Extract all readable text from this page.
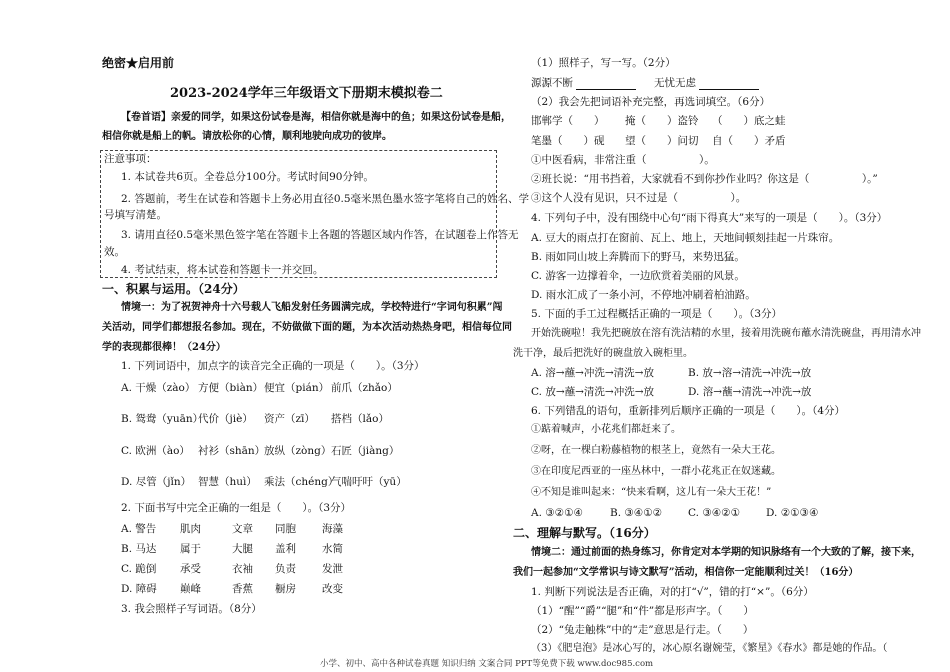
绝密★启用前
2023-2024学年三年级语文下册期末模拟卷二
【卷首语】亲爱的同学，如果这份试卷是海，相信你就是海中的鱼；如果这份试卷是船，
相信你就是船上的帆。请放松你的心情，顺利地驶向成功的彼岸。
注意事项：
1. 本试卷共6页。全卷总分100分。考试时间90分钟。
2. 答题前，考生在试卷和答题卡上务必用直径0.5毫米黑色墨水签字笔将自己的姓名、学
号填写清楚。
3. 请用直径0.5毫米黑色签字笔在答题卡上各题的答题区域内作答，在试题卷上作答无
效。
4. 考试结束，将本试卷和答题卡一并交回。
一、积累与运用。（24分）
情境一：为了祝贺神舟十六号载人飞船发射任务圆满完成，学校特进行“字词句积累”闯
关活动，同学们都想报名参加。现在，不妨做做下面的题，为本次活动热热身吧，相信每位同
学的表现都很棒！（24分）
1. 下列词语中，加点字的读音完全正确的一项是（　　）。（3分）
A. 干燥（zào） 方便（biàn） 便宜（pián） 前爪（zhǎo）
B. 鸳鸯（yuān）
代价（jiè） 资产（zī） 搭档（lǎo）
C. 欧洲（ào） 衬衫（shān）
放纵（zòng） 石匠（jiàng）
D. 尽管（jǐn） 智慧（huì） 乘法（chéng）
气喘吁吁（yū）
2. 下面书写中完全正确的一组是（　　）。（3分）
A. 警告 肌肉	文章 同胞 海藻
B. 马达 属于	大腿 盖利 水简
C. 跪倒 承受	衣袖 负责 发泄
D. 障碍 巅峰	香蕉 橱房 改变
3. 我会照样子写词语。（8分）
（1）照样子，写一写。（2分）
源源不断	无忧无虑
（2）我会先把词语补充完整，再选词填空。（6分）
邯郸学（　　） 掩（　　）盗铃 （　　）底之蛙
笔墨（　　）砚 望（　　）问切 自（　　）矛盾
①中医看病，非常注重（　　　　　）。
②班长说：“用书挡着，大家就看不到你抄作业吗？你这是（　　　　　）。”
③这个人没有见识，只不过是（　　　　　）。
4. 下列句子中，没有围绕中心句“雨下得真大”来写的一项是（　　）。（3分）
A. 豆大的雨点打在窗前、瓦上、地上，天地间顿刻挂起一片珠帘。
B. 雨如同山坡上奔腾而下的野马，来势迅猛。
C. 游客一边撑着伞，一边欣赏着美丽的风景。
D. 雨水汇成了一条小河，不停地冲刷着柏油路。
5. 下面的手工过程概括正确的一项是（　　）。（3分）
开始洗碗啦！我先把碗放在溶有洗洁精的水里，接着用洗碗布蘸水清洗碗盘，再用清水冲
洗干净，最后把洗好的碗盘放入碗柜里。
A. 溶→蘸→冲洗→清洗→放	B. 放→溶→清洗→冲洗→放
C. 放→蘸→清洗→冲洗→放	D. 溶→蘸→清洗→冲洗→放
6. 下列错乱的语句，重新排列后顺序正确的一项是（　　）。（4分）
①踮着喊声，小花兆们都赶来了。
②呀，在一棵白粉藤植物的根茎上，竟然有一朵大王花。
③在印度尼西亚的一座丛林中，一群小花兆正在奴迷藏。
④不知是谁叫起来：“快来看啊，这儿有一朵大王花！”
A. ③②①④	B. ③④①② C. ③④②① D. ②①③④
二、理解与默写。（16分）
情境二：通过前面的热身练习，你肯定对本学期的知识脉络有一个大致的了解，接下来，
我们一起参加“文学常识与诗文默写”活动，相信你一定能顺利过关！（16分）
1. 判断下列说法是否正确，对的打“√”，错的打“×”。（6分）
（1）“醒”“爵”“腿”和“件”都是形声字。（　　）
（2）“兔走触株”中的“走”意思是行走。（　　）
（3）《肥皂泡》是冰心写的，冰心原名谢婉莹，《繁星》《春水》都是她的作品。（
小学、初中、高中各种试卷真题 知识归纳 文案合同 PPT等免费下载 www.doc985.com
